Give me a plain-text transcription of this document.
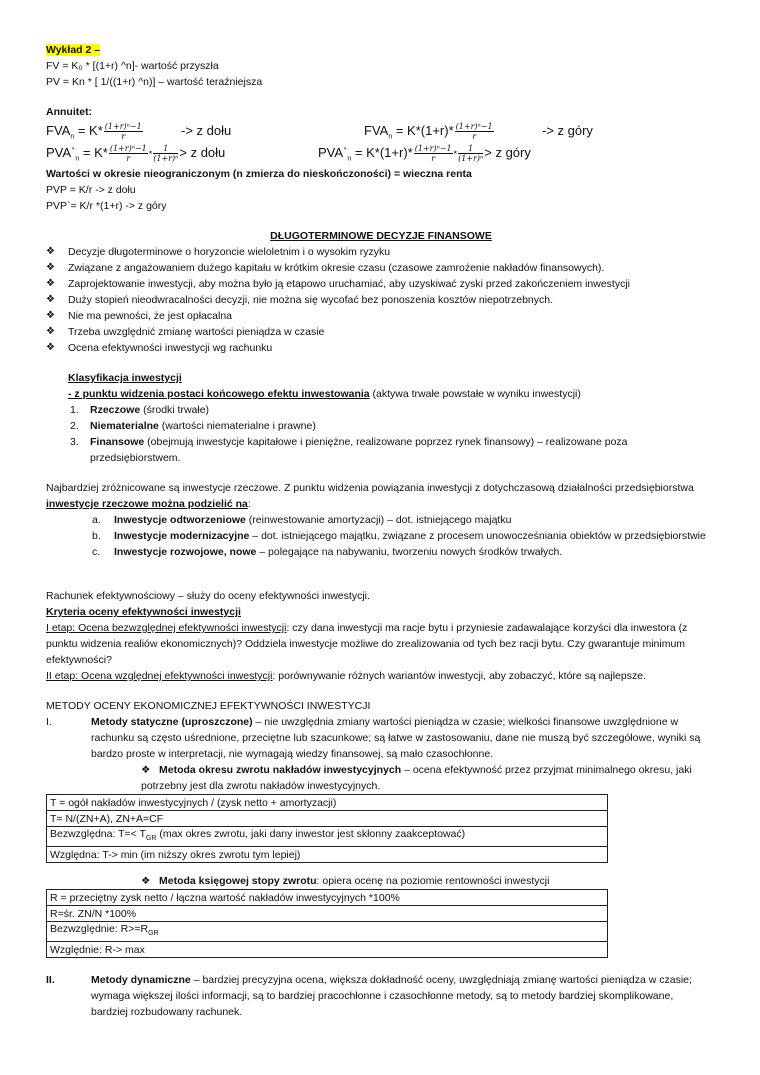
Wykład 2 –
FV = K₀ * [(1+r) ^n]- wartość przyszła
PV = Kn * [ 1/((1+r) ^n)] – wartość teraźniejsza
Annuitet:
$FVA_n = K* \frac{\text{(1+r)ⁿ−1}}{r}$	-> z dołu	$FVA_n = K*(1+r)* \frac{\text{(1+r)ⁿ−1}}{r}$	-> z góry
$PVA`_n = K* \frac{\text{(1+r)ⁿ−1}}{r} * \frac{1}{\text{(1+r)ⁿ}} > z$ dołu	$PVA`_n = K*(1+r)* \frac{\text{(1+r)ⁿ−1}}{r} * \frac{1}{\text{(1+r)ⁿ}} > z$ góry
Wartości w okresie nieograniczonym (n zmierza do nieskończoności) = wieczna renta
PVP = K/r -> z dołu
PVP`= K/r *(1+r) -> z góry
DŁUGOTERMINOWE DECYZJE FINANSOWE
❖	Decyzje długoterminowe o horyzoncie wieloletnim i o wysokim ryzyku
❖	Związane z angażowaniem dużego kapitału w krótkim okresie czasu (czasowe zamrożenie nakładów finansowych).
❖	Zaprojektowanie inwestycji, aby można było ją etapowo uruchamiać, aby uzyskiwać zyski przed zakończeniem inwestycji
❖	Duży stopień nieodwracalności decyzji, nie można się wycofać bez ponoszenia kosztów niepotrzebnych.
❖	Nie ma pewności, że jest opłacalna
❖	Trzeba uwzględnić zmianę wartości pieniądza w czasie
❖	Ocena efektywności inwestycji wg rachunku
Klasyfikacja inwestycji
- z punktu widzenia postaci końcowego efektu inwestowania (aktywa trwałe powstałe w wyniku inwestycji)
1.	Rzeczowe (środki trwałe)
2.	Niematerialne (wartości niematerialne i prawne)
3.	Finansowe (obejmują inwestycje kapitałowe i pieniężne, realizowane poprzez rynek finansowy) – realizowane poza
przedsiębiorstwem.
Najbardziej zróżnicowane są inwestycje rzeczowe. Z punktu widzenia powiązania inwestycji z dotychczasową działalności przedsiębiorstwa
inwestycje rzeczowe można podzielić na:
a.	Inwestycje odtworzeniowe (reinwestowanie amortyzacji) – dot. istniejącego majątku
b.	Inwestycje modernizacyjne – dot. istniejącego majątku, związane z procesem unowocześniania obiektów w przedsiębiorstwie
c.	Inwestycje rozwojowe, nowe – polegające na nabywaniu, tworzeniu nowych środków trwałych.
Rachunek efektywnościowy – służy do oceny efektywności inwestycji.
Kryteria oceny efektywności inwestycji
I etap: Ocena bezwzględnej efektywności inwestycji: czy dana inwestycji ma racje bytu i przyniesie zadawalające korzyści dla inwestora (z
punktu widzenia realiów ekonomicznych)? Oddziela inwestycje możliwe do zrealizowania od tych bez racji bytu. Czy gwarantuje minimum
efektywności?
II etap: Ocena względnej efektywności inwestycji: porównywanie różnych wariantów inwestycji, aby zobaczyć, które są najlepsze.
METODY OCENY EKONOMICZNEJ EFEKTYWNOŚCI INWESTYCJI
I.	Metody statyczne (uproszczone) – nie uwzględnia zmiany wartości pieniądza w czasie; wielkości finansowe uwzględnione w
rachunku są często uśrednione, przeciętne lub szacunkowe; są łatwe w zastosowaniu, dane nie muszą być szczegółowe, wyniki są
bardzo proste w interpretacji, nie wymagają wiedzy finansowej, są mało czasochłonne.
❖ Metoda okresu zwrotu nakładów inwestycyjnych – ocena efektywność przez przyjmat minimalnego okresu, jaki
potrzebny jest dla zwrotu nakładów inwestycyjnych.
T = ogół nakładów inwestycyjnych / (zysk netto + amortyzacji)
T= N/(ZN+A), ZN+A=CF
Bezwzględna: $T=< T_{GR}$ (max okres zwrotu, jaki dany inwestor jest skłonny zaakceptować)
Względna: T-> min (im niższy okres zwrotu tym lepiej)
❖ Metoda księgowej stopy zwrotu: opiera ocenę na poziomie rentowności inwestycji
R = przeciętny zysk netto / łączna wartość nakładów inwestycyjnych *100%
R=śr. ZN/N *100%
Bezwzględnie: $R>=R_{GR}$
Względnie: R-> max
II.	Metody dynamiczne – bardziej precyzyjna ocena, większa dokładność oceny, uwzględniają zmianę wartości pieniądza w czasie;
wymaga większej ilości informacji, są to bardziej pracochłonne i czasochłonne metody, są to metody bardziej skomplikowane,
bardziej rozbudowany rachunek.
